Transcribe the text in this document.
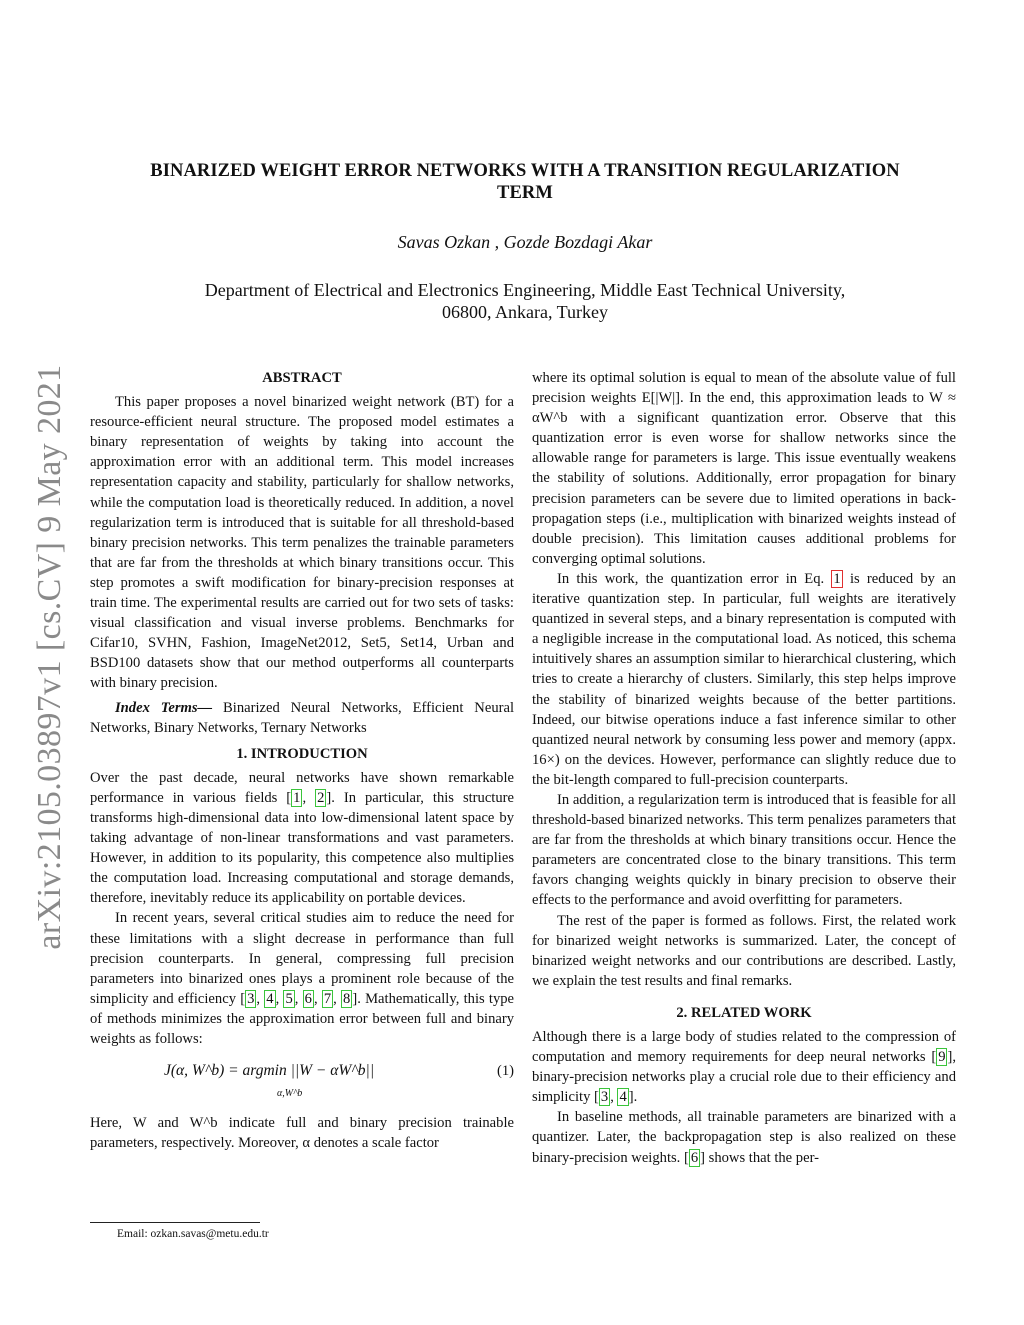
arXiv:2105.03897v1 [cs.CV] 9 May 2021
BINARIZED WEIGHT ERROR NETWORKS WITH A TRANSITION REGULARIZATION
TERM
Savas Ozkan , Gozde Bozdagi Akar
Department of Electrical and Electronics Engineering, Middle East Technical University,
06800, Ankara, Turkey
ABSTRACT

This paper proposes a novel binarized weight network (BT) for a resource-efficient neural structure. The proposed model estimates a binary representation of weights by taking into account the approximation error with an additional term. This model increases representation capacity and stability, particularly for shallow networks, while the computation load is theoretically reduced. In addition, a novel regularization term is introduced that is suitable for all threshold-based binary precision networks. This term penalizes the trainable parameters that are far from the thresholds at which binary transitions occur. This step promotes a swift modification for binary-precision responses at train time. The experimental results are carried out for two sets of tasks: visual classification and visual inverse problems. Benchmarks for Cifar10, SVHN, Fashion, ImageNet2012, Set5, Set14, Urban and BSD100 datasets show that our method outperforms all counterparts with binary precision.

Index Terms— Binarized Neural Networks, Efficient Neural Networks, Binary Networks, Ternary Networks

1. INTRODUCTION

Over the past decade, neural networks have shown remarkable performance in various fields [ 1 , 2 ]. In particular, this structure transforms high-dimensional data into low-dimensional latent space by taking advantage of non-linear transformations and vast parameters. However, in addition to its popularity, this competence also multiplies the computation load. Increasing computational and storage demands, therefore, inevitably reduce its applicability on portable devices.

In recent years, several critical studies aim to reduce the need for these limitations with a slight decrease in performance than full precision counterparts. In general, compressing full precision parameters into binarized ones plays a prominent role because of the simplicity and efficiency [ 3 , 4 , 5 , 6 , 7 , 8 ]. Mathematically, this type of methods minimizes the approximation error between full and binary weights as follows:

J(α, W^b) = argmin ||W − αW^b||
α,W^b
(1)

Here, W and W^b indicate full and binary precision trainable parameters, respectively. Moreover, α denotes a scale factor

Email: ozkan.savas@metu.edu.tr

where its optimal solution is equal to mean of the absolute value of full precision weights E[|W|]. In the end, this approximation leads to W ≈ αW^b with a significant quantization error. Observe that this quantization error is even worse for shallow networks since the allowable range for parameters is large. This issue eventually weakens the stability of solutions. Additionally, error propagation for binary precision parameters can be severe due to limited operations in back-propagation steps (i.e., multiplication with binarized weights instead of double precision). This limitation causes additional problems for converging optimal solutions.

In this work, the quantization error in Eq. 1 is reduced by an iterative quantization step. In particular, full weights are iteratively quantized in several steps, and a binary representation is computed with a negligible increase in the computational load. As noticed, this schema intuitively shares an assumption similar to hierarchical clustering, which tries to create a hierarchy of clusters. Similarly, this step helps improve the stability of binarized weights because of the better partitions. Indeed, our bitwise operations induce a fast inference similar to other quantized neural network by consuming less power and memory (appx. 16×) on the devices. However, performance can slightly reduce due to the bit-length compared to full-precision counterparts.

In addition, a regularization term is introduced that is feasible for all threshold-based binarized networks. This term penalizes parameters that are far from the thresholds at which binary transitions occur. Hence the parameters are concentrated close to the binary transitions. This term favors changing weights quickly in binary precision to observe their effects to the performance and avoid overfitting for parameters.

The rest of the paper is formed as follows. First, the related work for binarized weight networks is summarized. Later, the concept of binarized weight networks and our contributions are described. Lastly, we explain the test results and final remarks.

2. RELATED WORK

Although there is a large body of studies related to the compression of computation and memory requirements for deep neural networks [ 9 ], binary-precision networks play a crucial role due to their efficiency and simplicity [ 3 , 4 ].

In baseline methods, all trainable parameters are binarized with a quantizer. Later, the backpropagation step is also realized on these binary-precision weights. [ 6 ] shows that the per-
